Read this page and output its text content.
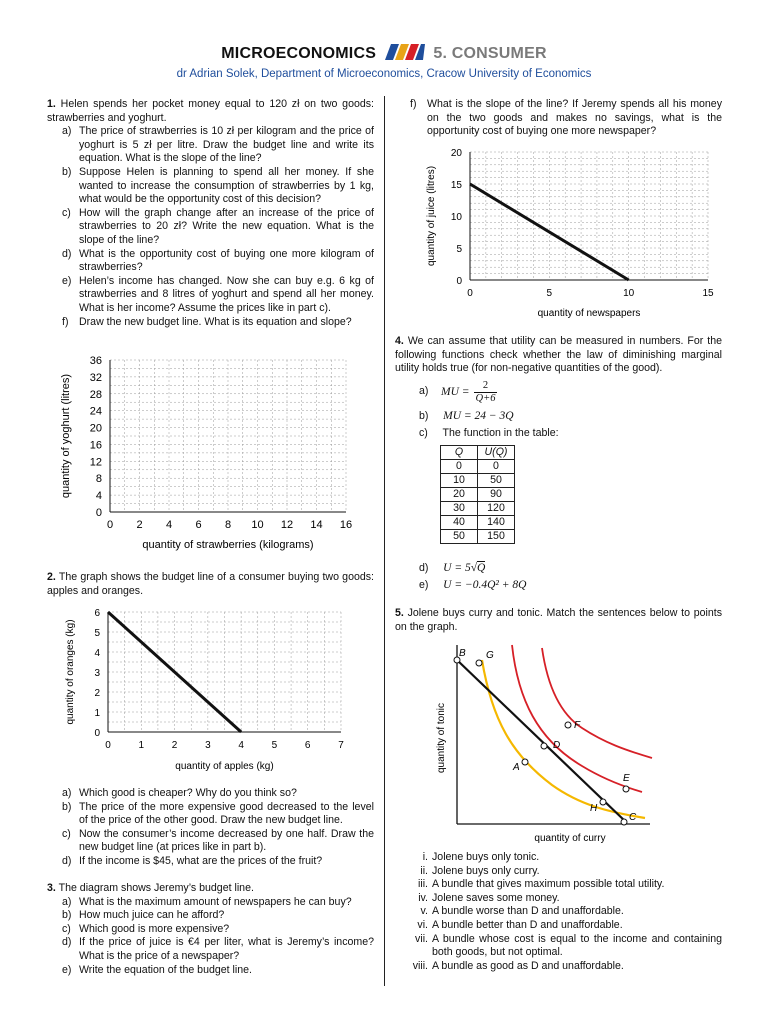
MICROECONOMICS	5. CONSUMER
dr Adrian Solek, Department of Microeconomics, Cracow University of Economics
1. Helen spends her pocket money equal to 120 zł on two goods: strawberries and yoghurt.
a) The price of strawberries is 10 zł per kilogram and the price of yoghurt is 5 zł per litre. Draw the budget line and write its equation. What is the slope of the line?
b) Suppose Helen is planning to spend all her money. If she wanted to increase the consumption of strawberries by 1 kg, what would be the opportunity cost of this decision?
c) How will the graph change after an increase of the price of strawberries to 20 zł? Write the new equation. What is the slope of the line?
d) What is the opportunity cost of buying one more kilogram of strawberries?
e) Helen’s income has changed. Now she can buy e.g. 6 kg of strawberries and 8 litres of yoghurt and spend all her money. What is her income? Assume the prices like in part c).
f) Draw the new budget line. What is its equation and slope?
0 2 4 6 8 10 12 14 16
0
4
8
12
16
20
24
28
32
36
quantity of strawberries (kilograms)
quantity of yoghurt (litres)
2. The graph shows the budget line of a consumer buying two goods: apples and oranges.
0	1	2	3	4	5	6	7
0
1
2
3
4
5
6
quantity of apples (kg)
quantity of oranges (kg)
a) Which good is cheaper? Why do you think so?
b) The price of the more expensive good decreased to the level of the price of the other good. Draw the new budget line.
c) Now the consumer’s income decreased by one half. Draw the new budget line (at prices like in part b).
d) If the income is $45, what are the prices of the fruit?
3. The diagram shows Jeremy’s budget line.
a) What is the maximum amount of newspapers he can buy?
b) How much juice can he afford?
c) Which good is more expensive?
d) If the price of juice is €4 per liter, what is Jeremy’s income? What is the price of a newspaper?
e) Write the equation of the budget line.
f) What is the slope of the line? If Jeremy spends all his money on the two goods and makes no savings, what is the opportunity cost of buying one more newspaper?
0	5	10	15
0
5
10
15
20
quantity of newspapers
quantity of juice (litres)
4. We can assume that utility can be measured in numbers. For the following functions check whether the law of diminishing marginal utility holds true (for non-negative quantities of the good).
a) MU = $\frac{2}{Q+6}$
b) MU = 24 − 3Q
c) The function in the table:
Q	U(Q)
0	0
10	50
20	90
30	120
40	140
50	150
d) U = 5√Q
e) U = −0.4Q² + 8Q
5. Jolene buys curry and tonic. Match the sentences below to points on the graph.
quantity of tonic
quantity of curry
B G
F
D
A
E
H
C
i. Jolene buys only tonic.
ii. Jolene buys only curry.
iii. A bundle that gives maximum possible total utility.
iv. Jolene saves some money.
v. A bundle worse than D and unaffordable.
vi. A bundle better than D and unaffordable.
vii. A bundle whose cost is equal to the income and containing both goods, but not optimal.
viii. A bundle as good as D and unaffordable.
